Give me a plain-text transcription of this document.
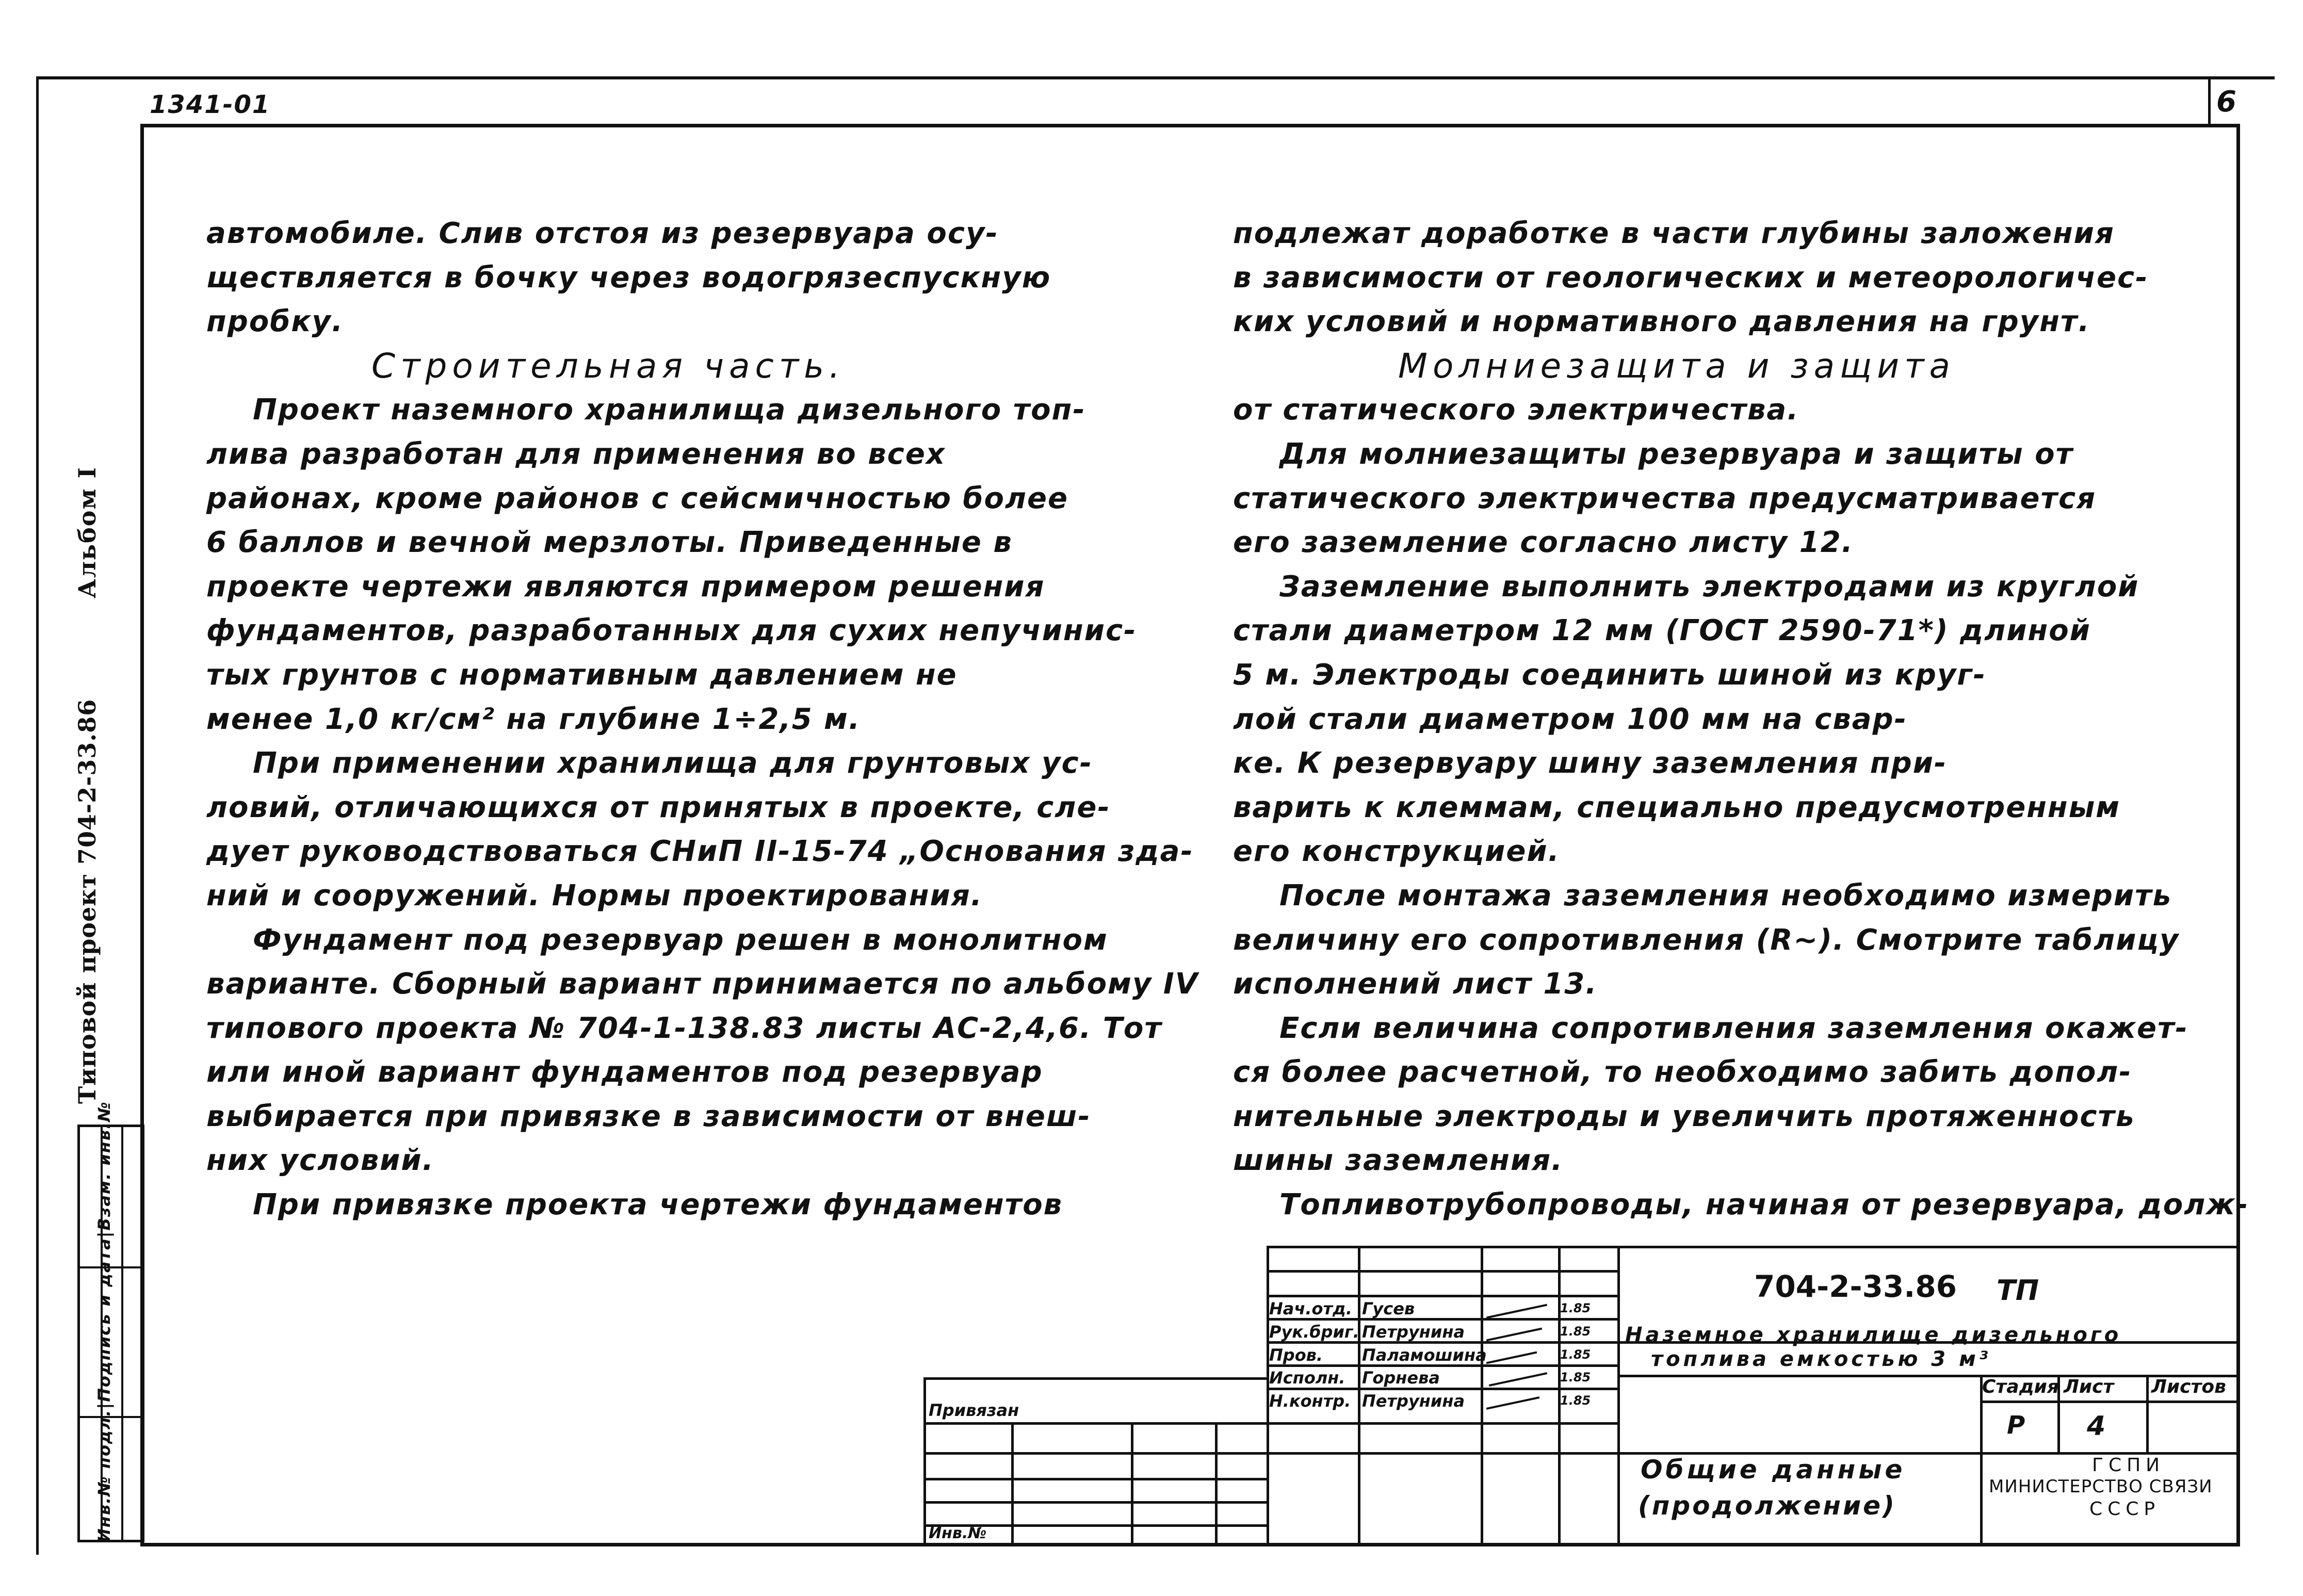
1341-01	6
Типовой проект 704-2-33.86
Альбом I
Инв.№ подл.|Подпись и дата|Взам. инв.№

автомобиле. Слив отстоя из резервуара осу-

ществляется в бочку через водогрязеспускную

пробку.

Строительная часть.

Проект наземного хранилища дизельного топ-

лива разработан для применения во всех

районах, кроме районов с сейсмичностью более

6 баллов и вечной мерзлоты. Приведенные в

проекте чертежи являются примером решения

фундаментов, разработанных для сухих непучинис-

тых грунтов с нормативным давлением не

менее 1,0 кг/см² на глубине 1÷2,5 м.

При применении хранилища для грунтовых ус-

ловий, отличающихся от принятых в проекте, сле-

дует руководствоваться СНиП II-15-74 „Основания зда-

ний и сооружений. Нормы проектирования.

Фундамент под резервуар решен в монолитном

варианте. Сборный вариант принимается по альбому IV

типового проекта № 704-1-138.83 листы АС-2,4,6. Тот

или иной вариант фундаментов под резервуар

выбирается при привязке в зависимости от внеш-

них условий.

При привязке проекта чертежи фундаментов

подлежат доработке в части глубины заложения

в зависимости от геологических и метеорологичес-

ких условий и нормативного давления на грунт.

Молниезащита и защита

от статического электричества.

Для молниезащиты резервуара и защиты от

статического электричества предусматривается

его заземление согласно листу 12.

Заземление выполнить электродами из круглой

стали диаметром 12 мм (ГОСТ 2590-71*) длиной

5 м. Электроды соединить шиной из круг-

лой стали диаметром 100 мм на свар-

ке. К резервуару шину заземления при-

варить к клеммам, специально предусмотренным

его конструкцией.

После монтажа заземления необходимо измерить

величину его сопротивления (R~). Смотрите таблицу

исполнений лист 13.

Если величина сопротивления заземления окажет-

ся более расчетной, то необходимо забить допол-

нительные электроды и увеличить протяженность

шины заземления.

Топливотрубопроводы, начиная от резервуара, долж-

704-2-33.86 ТП
Наземное хранилище дизельного
топлива емкостью 3 м³
Стадия Лист Листов
Р 4
Общие данные
(продолжение)
ГСПИ
МИНИСТЕРСТВО СВЯЗИ
СССР
Нач.отд. Гусев	1.85
Рук.бриг. Петрунина	1.85
Пров. Паламошина	1.85
Исполн. Горнева	1.85
Н.контр. Петрунина	1.85
Привязан
Инв.№
